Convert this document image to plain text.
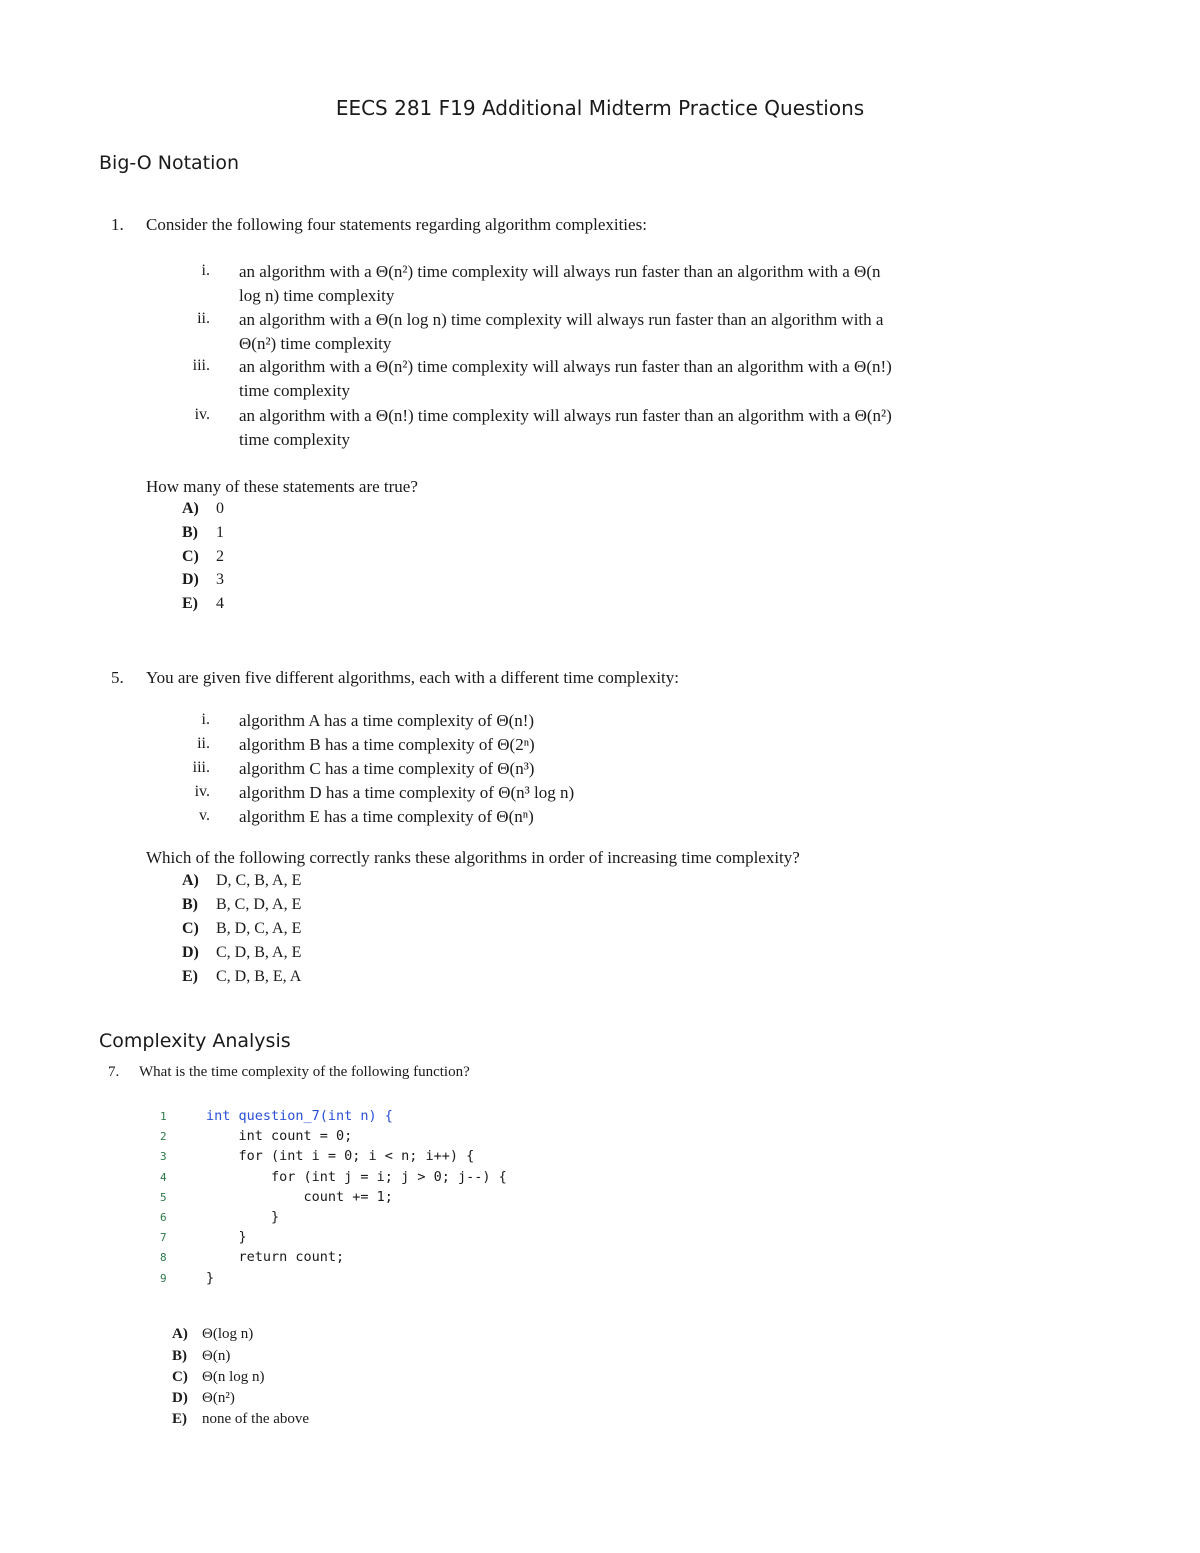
EECS 281 F19 Additional Midterm Practice Questions
Big-O Notation
1. Consider the following four statements regarding algorithm complexities:
i. an algorithm with a Θ(n²) time complexity will always run faster than an algorithm with a Θ(n log n) time complexity
ii. an algorithm with a Θ(n log n) time complexity will always run faster than an algorithm with a Θ(n²) time complexity
iii. an algorithm with a Θ(n²) time complexity will always run faster than an algorithm with a Θ(n!) time complexity
iv. an algorithm with a Θ(n!) time complexity will always run faster than an algorithm with a Θ(n²) time complexity
How many of these statements are true?
A) 0
B) 1
C) 2
D) 3
E) 4
5. You are given five different algorithms, each with a different time complexity:
i. algorithm A has a time complexity of Θ(n!)
ii. algorithm B has a time complexity of Θ(2ⁿ)
iii. algorithm C has a time complexity of Θ(n³)
iv. algorithm D has a time complexity of Θ(n³ log n)
v. algorithm E has a time complexity of Θ(nⁿ)
Which of the following correctly ranks these algorithms in order of increasing time complexity?
A) D, C, B, A, E
B) B, C, D, A, E
C) B, D, C, A, E
D) C, D, B, A, E
E) C, D, B, E, A
Complexity Analysis
7. What is the time complexity of the following function?
1	int question_7(int n) {
2	int count = 0;
3	for (int i = 0; i < n; i++) {
4	for (int j = i; j > 0; j--) {
5	count += 1;
6	}
7	}
8	return count;
9	}
A) Θ(log n)
B) Θ(n)
C) Θ(n log n)
D) Θ(n²)
E) none of the above
